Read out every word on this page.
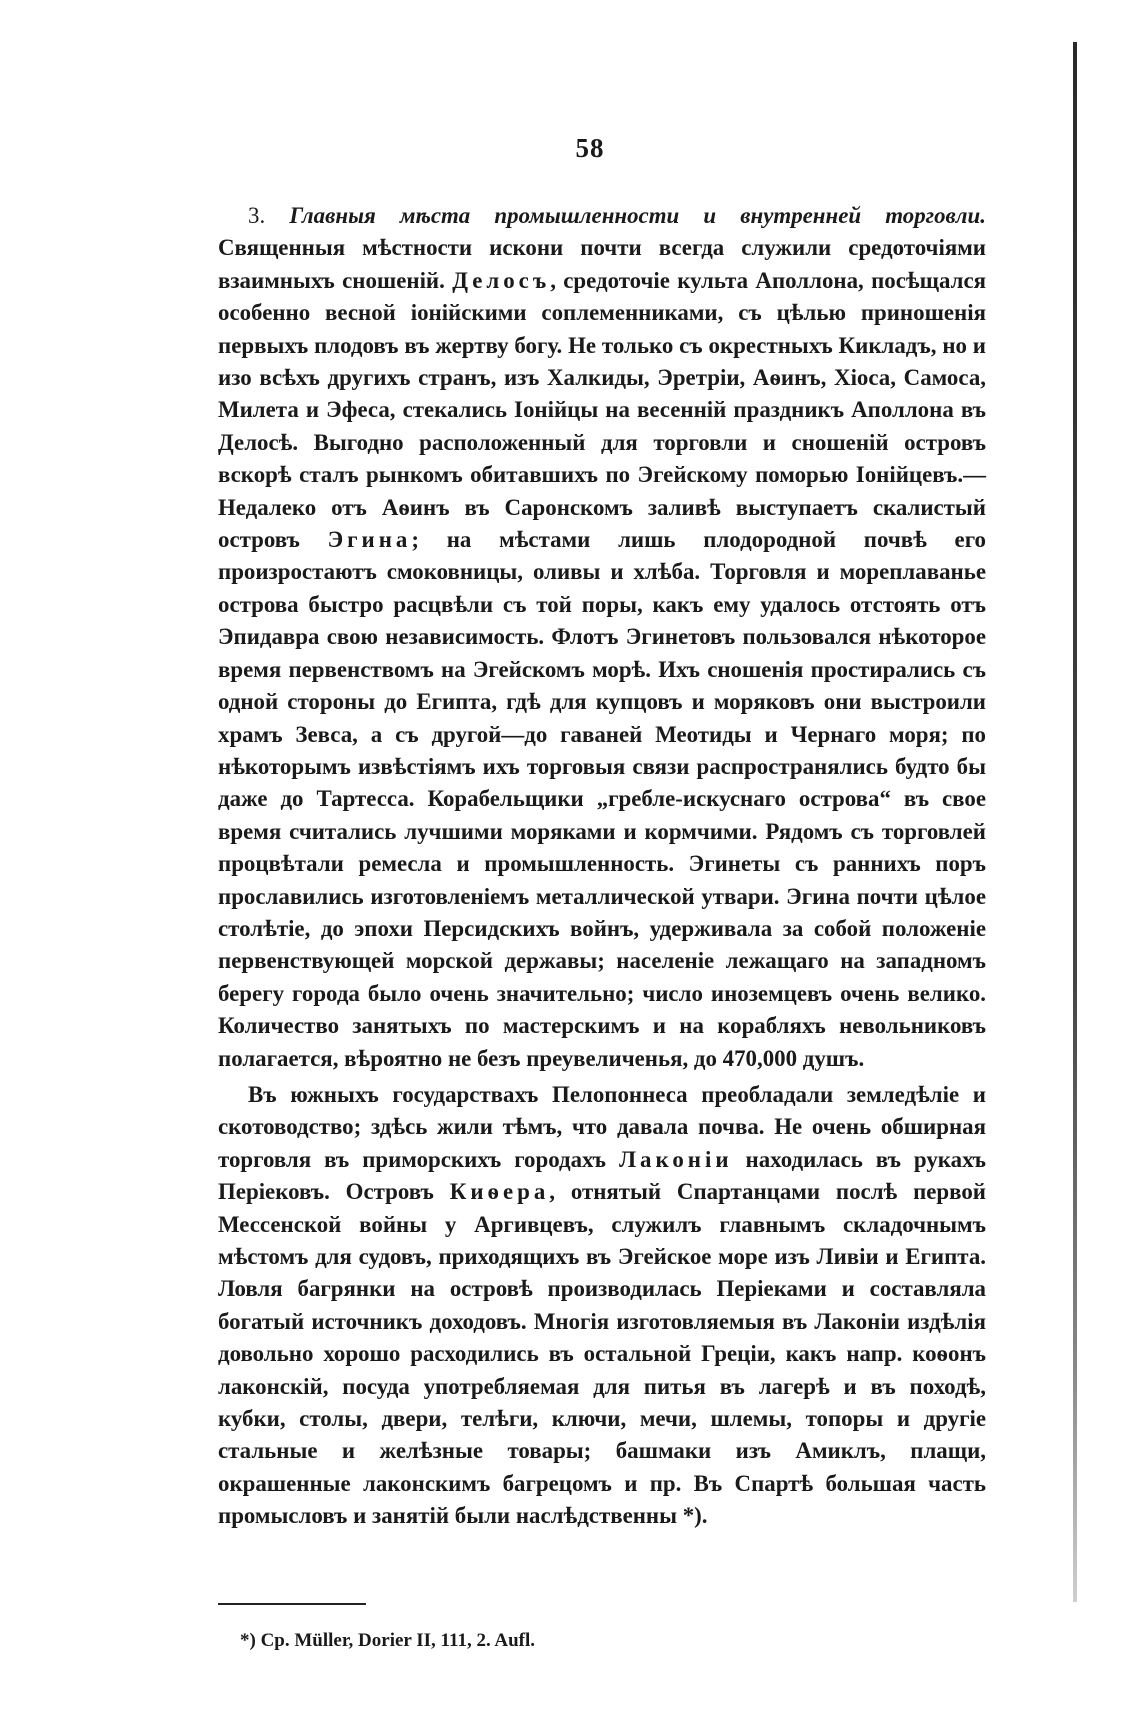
58

3. Главныя мѣста промышленности и внутренней торговли. Священныя мѣстности искони почти всегда служили средоточіями взаимныхъ сношеній. Делосъ, средоточіе культа Аполлона, посѣщался особенно весной іонійскими соплеменниками, съ цѣлью приношенія первыхъ плодовъ въ жертву богу. Не только съ окрестныхъ Кикладъ, но и изо всѣхъ другихъ странъ, изъ Халкиды, Эретріи, Аѳинъ, Хіоса, Самоса, Милета и Эфеса, стекались Іонійцы на весенній праздникъ Аполлона въ Делосѣ. Выгодно расположенный для торговли и сношеній островъ вскорѣ сталъ рынкомъ обитавшихъ по Эгейскому поморью Іонійцевъ.—Недалеко отъ Аѳинъ въ Саронскомъ заливѣ выступаетъ скалистый островъ Эгина; на мѣстами лишь плодородной почвѣ его произростаютъ смоковницы, оливы и хлѣба. Торговля и мореплаванье острова быстро расцвѣли съ той поры, какъ ему удалось отстоять отъ Эпидавра свою независимость. Флотъ Эгинетовъ пользовался нѣкоторое время первенствомъ на Эгейскомъ морѣ. Ихъ сношенія простирались съ одной стороны до Египта, гдѣ для купцовъ и моряковъ они выстроили храмъ Зевса, а съ другой—до гаваней Меотиды и Чернаго моря; по нѣкоторымъ извѣстіямъ ихъ торговыя связи распространялись будто бы даже до Тартесса. Корабельщики „гребле-искуснаго острова“ въ свое время считались лучшими моряками и кормчими. Рядомъ съ торговлей процвѣтали ремесла и промышленность. Эгинеты съ раннихъ поръ прославились изготовленіемъ металлической утвари. Эгина почти цѣлое столѣтіе, до эпохи Персидскихъ войнъ, удерживала за собой положеніе первенствующей морской державы; населеніе лежащаго на западномъ берегу города было очень значительно; число иноземцевъ очень велико. Количество занятыхъ по мастерскимъ и на корабляхъ невольниковъ полагается, вѣроятно не безъ преувеличенья, до 470,000 душъ.

Въ южныхъ государствахъ Пелопоннеса преобладали земледѣліе и скотоводство; здѣсь жили тѣмъ, что давала почва. Не очень обширная торговля въ приморскихъ городахъ Лаконіи находилась въ рукахъ Періековъ. Островъ Киѳера, отнятый Спартанцами послѣ первой Мессенской войны у Аргивцевъ, служилъ главнымъ складочнымъ мѣстомъ для судовъ, приходящихъ въ Эгейское море изъ Ливіи и Египта. Ловля багрянки на островѣ производилась Періеками и составляла богатый источникъ доходовъ. Многія изготовляемыя въ Лаконіи издѣлія довольно хорошо расходились въ остальной Греціи, какъ напр. коѳонъ лаконскій, посуда употребляемая для питья въ лагерѣ и въ походѣ, кубки, столы, двери, телѣги, ключи, мечи, шлемы, топоры и другіе стальные и желѣзные товары; башмаки изъ Амиклъ, плащи, окрашенные лаконскимъ багрецомъ и пр. Въ Спартѣ большая часть промысловъ и занятій были наслѣдственны *).

*) Cp. Müller, Dorier II, 111, 2. Aufl.
